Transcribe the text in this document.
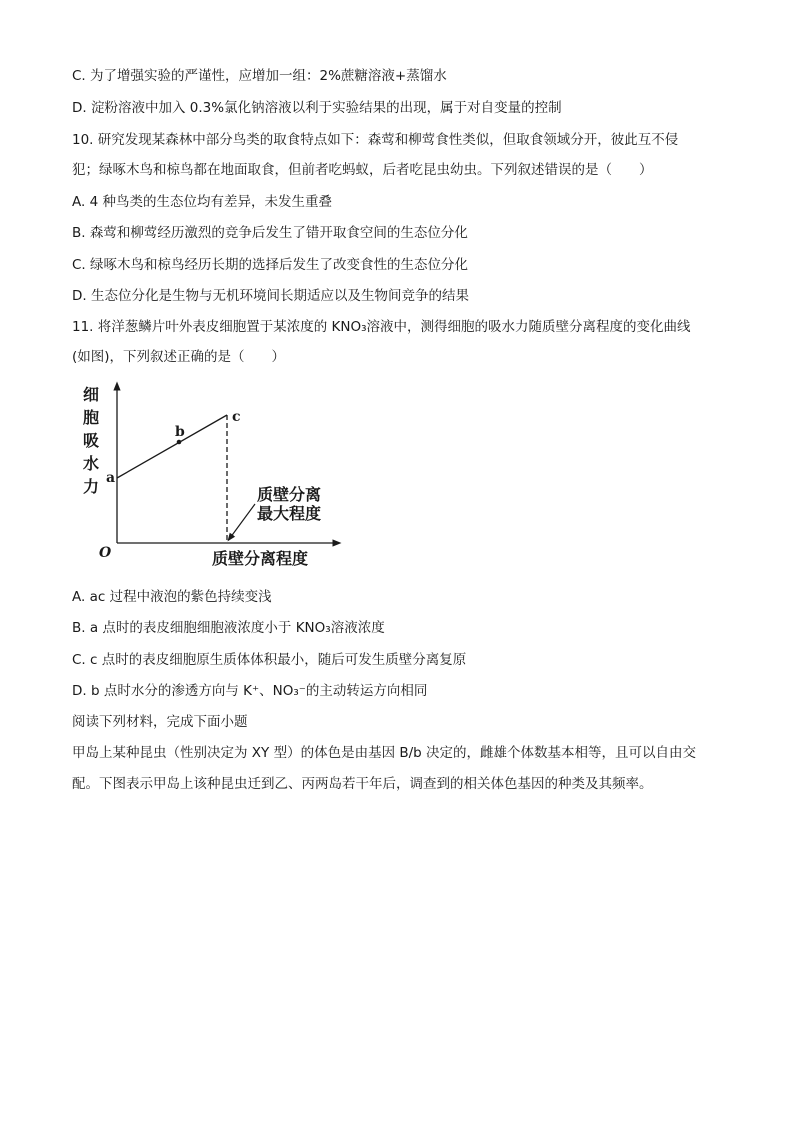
C. 为了增强实验的严谨性，应增加一组：2%蔗糖溶液+蒸馏水
D. 淀粉溶液中加入 0.3%氯化钠溶液以利于实验结果的出现，属于对自变量的控制
10. 研究发现某森林中部分鸟类的取食特点如下：森莺和柳莺食性类似，但取食领域分开，彼此互不侵
犯；绿啄木鸟和椋鸟都在地面取食，但前者吃蚂蚁，后者吃昆虫幼虫。下列叙述错误的是（　　）
A. 4 种鸟类的生态位均有差异，未发生重叠
B. 森莺和柳莺经历激烈的竞争后发生了错开取食空间的生态位分化
C. 绿啄木鸟和椋鸟经历长期的选择后发生了改变食性的生态位分化
D. 生态位分化是生物与无机环境间长期适应以及生物间竞争的结果
11. 将洋葱鳞片叶外表皮细胞置于某浓度的 KNO₃溶液中，测得细胞的吸水力随质壁分离程度的变化曲线
(如图)，下列叙述正确的是（　　）
细
胞
吸
水
力
质壁分离程度
质壁分离
最大程度
O
a
b
c
A. ac 过程中液泡的紫色持续变浅
B. a 点时的表皮细胞细胞液浓度小于 KNO₃溶液浓度
C. c 点时的表皮细胞原生质体体积最小，随后可发生质壁分离复原
D. b 点时水分的渗透方向与 K⁺、NO₃⁻的主动转运方向相同
阅读下列材料，完成下面小题
甲岛上某种昆虫（性别决定为 XY 型）的体色是由基因 B/b 决定的，雌雄个体数基本相等，且可以自由交
配。下图表示甲岛上该种昆虫迁到乙、丙两岛若干年后，调查到的相关体色基因的种类及其频率。
